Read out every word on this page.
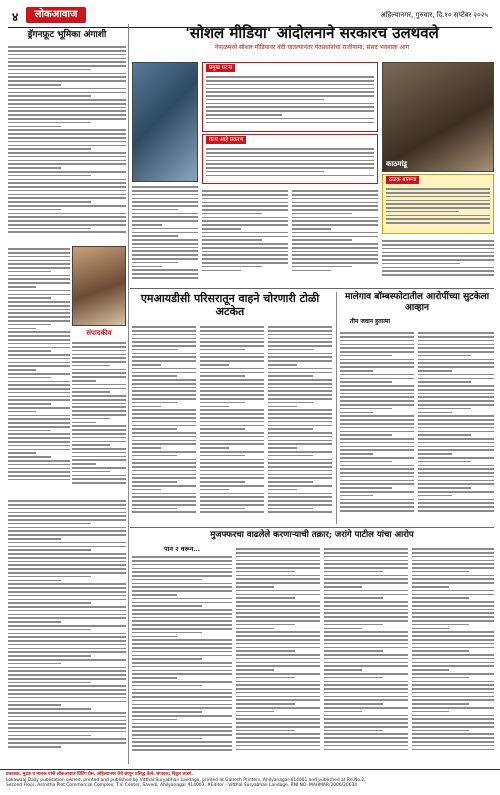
४	लोकआवाज	अहिल्यानगर, गुरुवार, दि.१० सप्टेंबर २०२५
ड्रॅगनफ्रूट भूमिका अंगाशी
संपादकीय
'सोशल मीडिया' आंदोलनाने सरकारच उलथवले
नेपाळमध्ये सोशल मीडियावर बंदी घातल्यानंतर पंतप्रधानांचा राजीनामा; संसद भवनाला आग
प्रमुख घटना
काय आहे प्रकरण
काठमांडू
ठळक बातम्या
एमआयडीसी परिसरातून वाहने चोरणारी टोळी अटकेत
मालेगाव बॉम्बस्फोटातील आरोपींच्या सुटकेला आव्हान
तीन जवान हुतात्मा
मुजफ्फरचा वाढलेले करणाऱ्याची तक्रार; जरांगे पाटील यांचा आरोप
पान २ वरून...
प्रकाशक, मुद्रक व मालक यांनी लोकआवाज प्रिंटिंग प्रेस, अहिल्यानगर येथे छापून प्रसिद्ध केले. संपादक: विठ्ठल लांडगे.
Lokawaaj Daily publication owned, printed and published by Vitthal Suryabhan Landage, printed at Ganesh Printers, Ahilyanagar-414001 and published at Rd.No.2,
Second Floor, Asmitha Plot Commercial Complex, T.V. Center, Savedi, Ahilyanagar 414003. #Editor - Vitthal Suryabhan Landage. RNI NO. MAHMAR/2006/20634
